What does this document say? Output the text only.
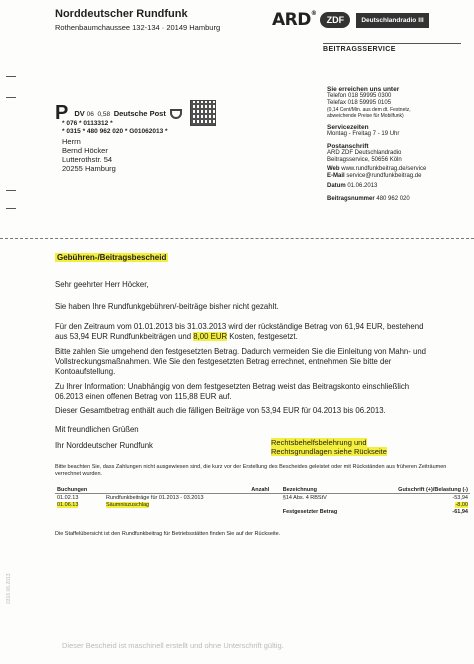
Norddeutscher Rundfunk
Rothenbaumchaussee 132-134 · 20149 Hamburg	ARD®
ZDF	Deutschlandradio III
BEITRAGSSERVICE
P DV 06 0,58 Deutsche Post
* 076 * 0113312 *
* 0315 * 480 962 020 * G01062013 *
Herrn
Bernd Höcker
Lutterothstr. 54
20255 Hamburg
Sie erreichen uns unter
Telefon 018 59995 0300
Telefax 018 59995 0105
(0,14 Cent/Min. aus dem dt. Festnetz,
abweichende Preise für Mobilfunk)
Servicezeiten
Montag - Freitag 7 - 19 Uhr
Postanschrift
ARD ZDF Deutschlandradio
Beitragsservice, 50656 Köln
Web www.rundfunkbeitrag.de/service
E-Mail service@rundfunkbeitrag.de
Datum 01.06.2013
Beitragsnummer 480 962 020
Gebühren-/Beitragsbescheid
Sehr geehrter Herr Höcker,
Sie haben Ihre Rundfunkgebühren/-beiträge bisher nicht gezahlt.
Für den Zeitraum vom 01.01.2013 bis 31.03.2013 wird der rückständige Betrag von 61,94 EUR, bestehend aus 53,94 EUR Rundfunkbeiträgen und 8,00 EUR Kosten, festgesetzt.
Bitte zahlen Sie umgehend den festgesetzten Betrag. Dadurch vermeiden Sie die Einleitung von Mahn- und Vollstreckungsmaßnahmen. Wie Sie den festgesetzten Betrag errechnet, entnehmen Sie bitte der Kontoaufstellung.
Zu Ihrer Information: Unabhängig von dem festgesetzten Betrag weist das Beitragskonto einschließlich 06.2013 einen offenen Betrag von 115,88 EUR auf.
Dieser Gesamtbetrag enthält auch die fälligen Beiträge von 53,94 EUR für 04.2013 bis 06.2013.
Mit freundlichen Grüßen
Ihr Norddeutscher Rundfunk	Rechtsbehelfsbelehrung und
Rechtsgrundlagen siehe Rückseite
Bitte beachten Sie, dass Zahlungen nicht ausgewiesen sind, die kurz vor der Erstellung des Bescheides geleistet oder mit Rückständen aus früheren Zeiträumen verrechnet wurden.
Buchungen		Anzahl	Bezeichnung	Gutschrift (+)/Belastung (-)
01.02.13	Rundfunkbeiträge für 01.2013 - 03.2013		§14 Abs. 4 RBStV	-53,94
01.06.13	Säumniszuschlag			-8,00
			Festgesetzter Betrag	-61,94
Die Staffelübersicht ist den Rundfunkbeitrag für Betriebsstätten finden Sie auf der Rückseite.
0316 06.2013
Dieser Bescheid ist maschinell erstellt und ohne Unterschrift gültig.
